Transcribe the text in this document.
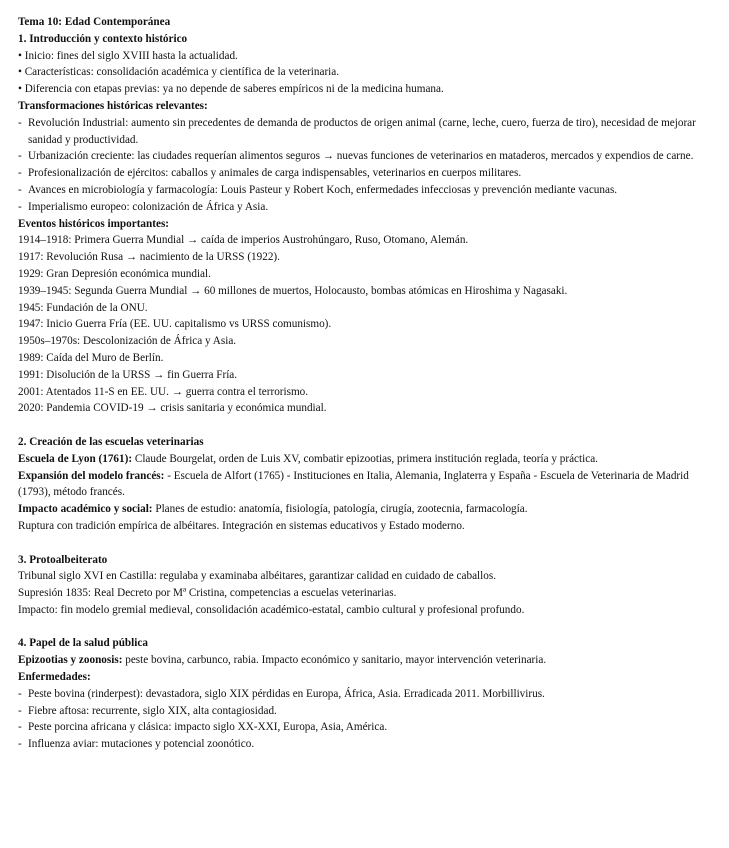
Tema 10: Edad Contemporánea
1. Introducción y contexto histórico
• Inicio: fines del siglo XVIII hasta la actualidad.
• Características: consolidación académica y científica de la veterinaria.
• Diferencia con etapas previas: ya no depende de saberes empíricos ni de la medicina humana.
Transformaciones históricas relevantes:
- Revolución Industrial: aumento sin precedentes de demanda de productos de origen animal (carne, leche, cuero, fuerza de tiro), necesidad de mejorar sanidad y productividad.
- Urbanización creciente: las ciudades requerían alimentos seguros → nuevas funciones de veterinarios en mataderos, mercados y expendios de carne.
- Profesionalización de ejércitos: caballos y animales de carga indispensables, veterinarios en cuerpos militares.
- Avances en microbiología y farmacología: Louis Pasteur y Robert Koch, enfermedades infecciosas y prevención mediante vacunas.
- Imperialismo europeo: colonización de África y Asia.
Eventos históricos importantes:
1914–1918: Primera Guerra Mundial → caída de imperios Austrohúngaro, Ruso, Otomano, Alemán.
1917: Revolución Rusa → nacimiento de la URSS (1922).
1929: Gran Depresión económica mundial.
1939–1945: Segunda Guerra Mundial → 60 millones de muertos, Holocausto, bombas atómicas en Hiroshima y Nagasaki.
1945: Fundación de la ONU.
1947: Inicio Guerra Fría (EE. UU. capitalismo vs URSS comunismo).
1950s–1970s: Descolonización de África y Asia.
1989: Caída del Muro de Berlín.
1991: Disolución de la URSS → fin Guerra Fría.
2001: Atentados 11-S en EE. UU. → guerra contra el terrorismo.
2020: Pandemia COVID-19 → crisis sanitaria y económica mundial.
2. Creación de las escuelas veterinarias
Escuela de Lyon (1761): Claude Bourgelat, orden de Luis XV, combatir epizootias, primera institución reglada, teoría y práctica.
Expansión del modelo francés: - Escuela de Alfort (1765) - Instituciones en Italia, Alemania, Inglaterra y España - Escuela de Veterinaria de Madrid (1793), método francés.
Impacto académico y social: Planes de estudio: anatomía, fisiología, patología, cirugía, zootecnia, farmacología.
Ruptura con tradición empírica de albéitares. Integración en sistemas educativos y Estado moderno.
3. Protoalbeiterato
Tribunal siglo XVI en Castilla: regulaba y examinaba albéitares, garantizar calidad en cuidado de caballos.
Supresión 1835: Real Decreto por Mª Cristina, competencias a escuelas veterinarias.
Impacto: fin modelo gremial medieval, consolidación académico-estatal, cambio cultural y profesional profundo.
4. Papel de la salud pública
Epizootias y zoonosis: peste bovina, carbunco, rabia. Impacto económico y sanitario, mayor intervención veterinaria.
Enfermedades:
- Peste bovina (rinderpest): devastadora, siglo XIX pérdidas en Europa, África, Asia. Erradicada 2011. Morbillivirus.
- Fiebre aftosa: recurrente, siglo XIX, alta contagiosidad.
- Peste porcina africana y clásica: impacto siglo XX-XXI, Europa, Asia, América.
- Influenza aviar: mutaciones y potencial zoonótico.
